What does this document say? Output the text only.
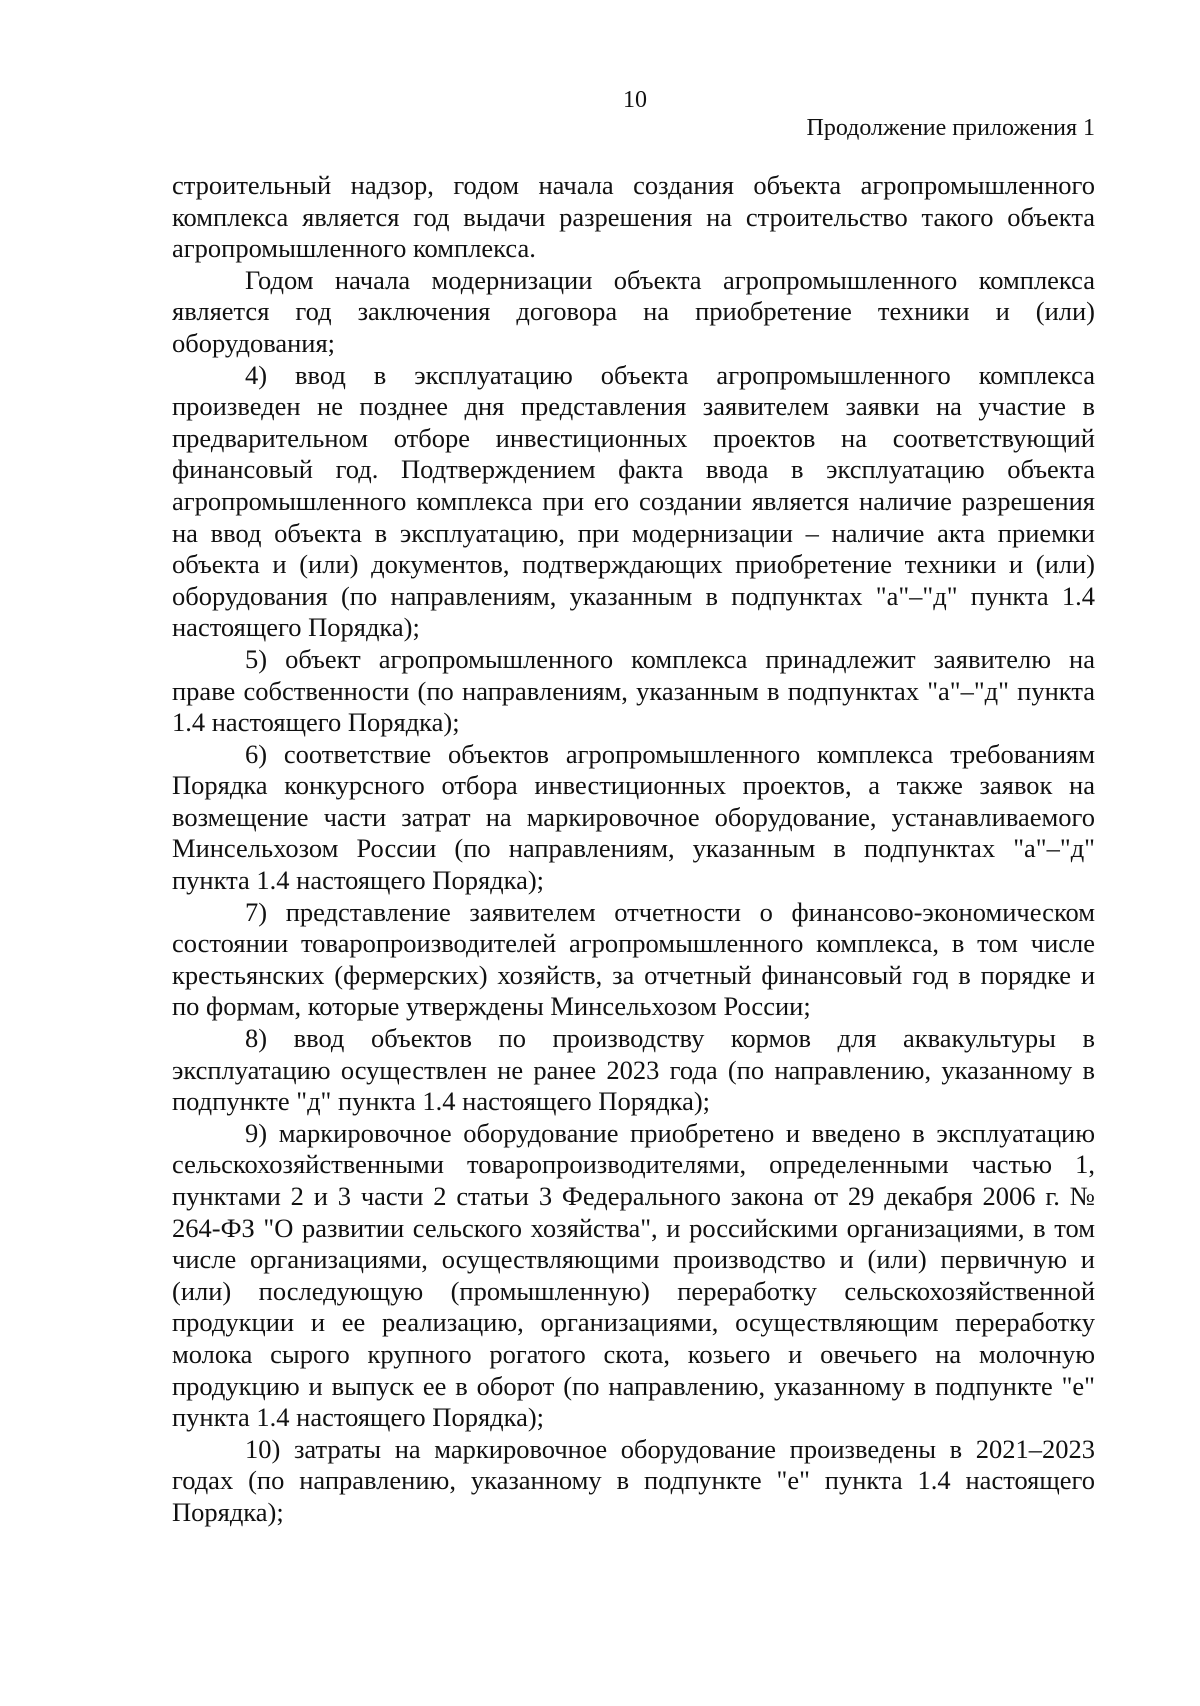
10
Продолжение приложения 1

строительный надзор, годом начала создания объекта агропромышленного комплекса является год выдачи разрешения на строительство такого объекта агропромышленного комплекса.

Годом начала модернизации объекта агропромышленного комплекса является год заключения договора на приобретение техники и (или) оборудования;

4) ввод в эксплуатацию объекта агропромышленного комплекса произведен не позднее дня представления заявителем заявки на участие в предварительном отборе инвестиционных проектов на соответствующий финансовый год. Подтверждением факта ввода в эксплуатацию объекта агропромышленного комплекса при его создании является наличие разрешения на ввод объекта в эксплуатацию, при модернизации – наличие акта приемки объекта и (или) документов, подтверждающих приобретение техники и (или) оборудования (по направлениям, указанным в подпунктах "а"–"д" пункта 1.4 настоящего Порядка);

5) объект агропромышленного комплекса принадлежит заявителю на праве собственности (по направлениям, указанным в подпунктах "а"–"д" пункта 1.4 настоящего Порядка);

6) соответствие объектов агропромышленного комплекса требованиям Порядка конкурсного отбора инвестиционных проектов, а также заявок на возмещение части затрат на маркировочное оборудование, устанавливаемого Минсельхозом России (по направлениям, указанным в подпунктах "а"–"д" пункта 1.4 настоящего Порядка);

7) представление заявителем отчетности о финансово-экономическом состоянии товаропроизводителей агропромышленного комплекса, в том числе крестьянских (фермерских) хозяйств, за отчетный финансовый год в порядке и по формам, которые утверждены Минсельхозом России;

8) ввод объектов по производству кормов для аквакультуры в эксплуатацию осуществлен не ранее 2023 года (по направлению, указанному в подпункте "д" пункта 1.4 настоящего Порядка);

9) маркировочное оборудование приобретено и введено в эксплуатацию сельскохозяйственными товаропроизводителями, определенными частью 1, пунктами 2 и 3 части 2 статьи 3 Федерального закона от 29 декабря 2006 г. № 264-ФЗ "О развитии сельского хозяйства", и российскими организациями, в том числе организациями, осуществляющими производство и (или) первичную и (или) последующую (промышленную) переработку сельскохозяйственной продукции и ее реализацию, организациями, осуществляющим переработку молока сырого крупного рогатого скота, козьего и овечьего на молочную продукцию и выпуск ее в оборот (по направлению, указанному в подпункте "е" пункта 1.4 настоящего Порядка);

10) затраты на маркировочное оборудование произведены в 2021–2023 годах (по направлению, указанному в подпункте "е" пункта 1.4 настоящего Порядка);
